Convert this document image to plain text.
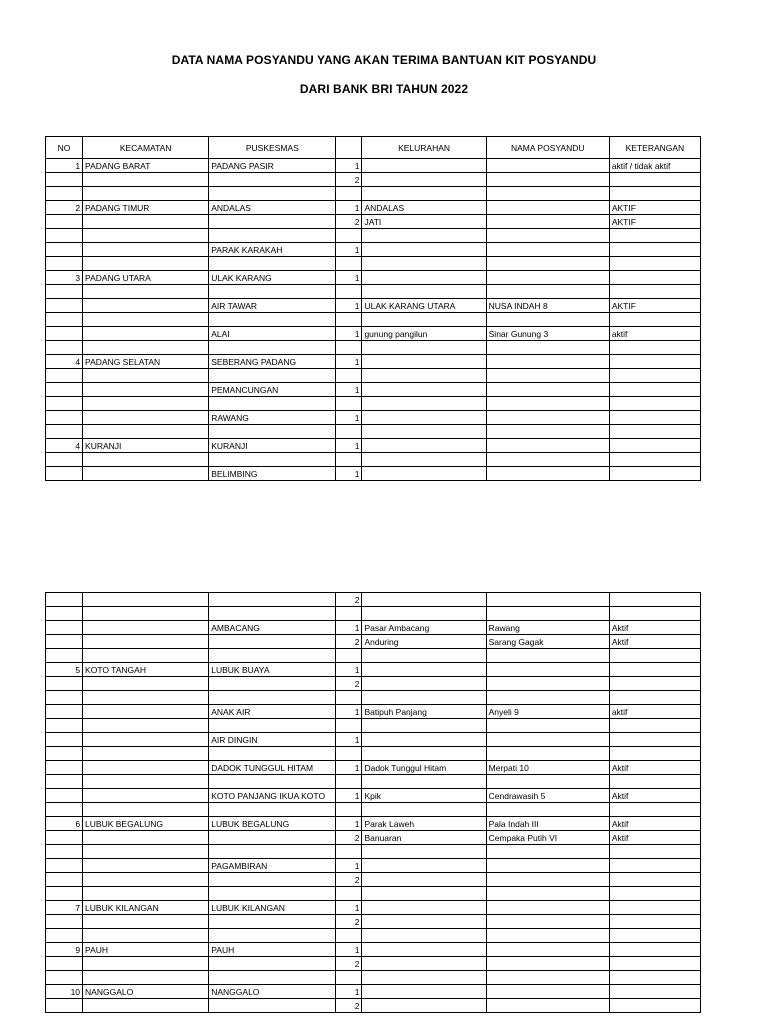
DATA NAMA POSYANDU YANG AKAN TERIMA BANTUAN KIT POSYANDU
DARI BANK BRI TAHUN 2022
NO	KECAMATAN	PUSKESMAS		KELURAHAN	NAMA POSYANDU	KETERANGAN
1	PADANG BARAT	PADANG PASIR	1			aktif / tidak aktif
			2			

2	PADANG TIMUR	ANDALAS	1	ANDALAS		AKTIF
			2	JATI		AKTIF

		PARAK KARAKAH	1			

3	PADANG UTARA	ULAK KARANG	1			

		AIR TAWAR	1	ULAK KARANG UTARA	NUSA INDAH 8	AKTIF

		ALAI	1	gunung pangilun	Sinar Gunung 3	aktif

4	PADANG SELATAN	SEBERANG PADANG	1			

		PEMANCUNGAN	1			

		RAWANG	1			

4	KURANJI	KURANJI	1			

		BELIMBING	1			
			2			

		AMBACANG	1	Pasar Ambacang	Rawang	Aktif
			2	Anduring	Sarang Gagak	Aktif

5	KOTO TANGAH	LUBUK BUAYA	1			
			2			

		ANAK AIR	1	Batipuh Panjang	Anyeli 9	aktif

		AIR DINGIN	1			

		DADOK TUNGGUL HITAM	1	Dadok Tunggul Hitam	Merpati 10	Aktif

		KOTO PANJANG IKUA KOTO	1	Kpik	Cendrawasih 5	Aktif

6	LUBUK BEGALUNG	LUBUK BEGALUNG	1	Parak Laweh	Pala Indah III	Aktif
			2	Banuaran	Cempaka Putih VI	Aktif

		PAGAMBIRAN	1			
			2			

7	LUBUK KILANGAN	LUBUK KILANGAN	1			
			2			

9	PAUH	PAUH	1			
			2			

10	NANGGALO	NANGGALO	1			
			2			
